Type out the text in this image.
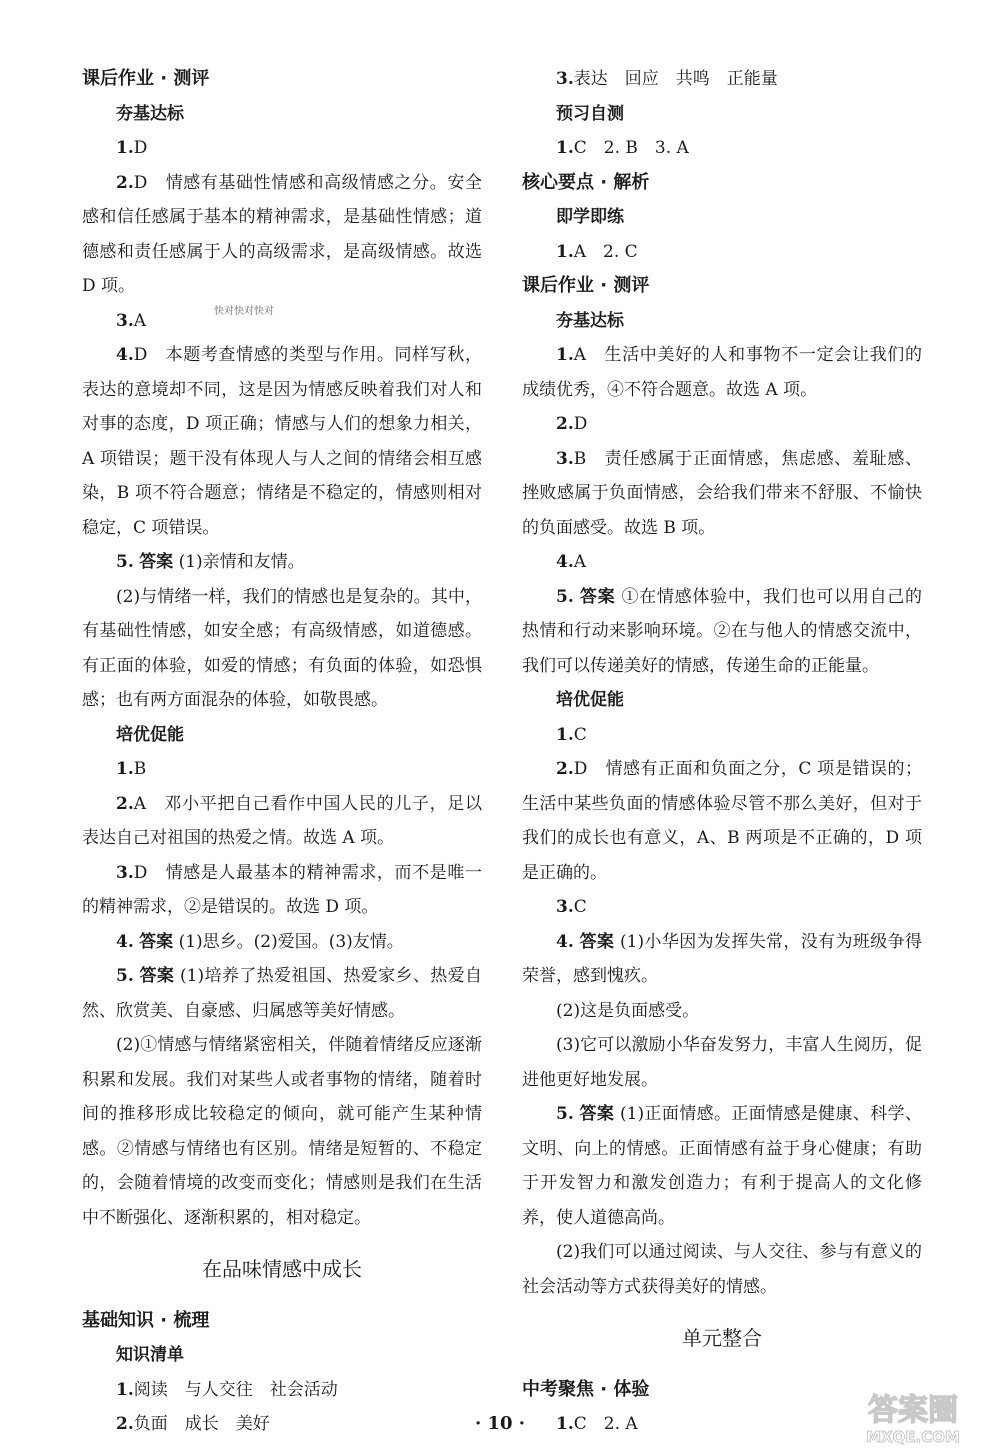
课后作业 · 测评

夯基达标

1.D

2.D　情感有基础性情感和高级情感之分。安全感和信任感属于基本的精神需求，是基础性情感；道德感和责任感属于人的高级需求，是高级情感。故选 D 项。

3.A

4.D　本题考查情感的类型与作用。同样写秋，表达的意境却不同，这是因为情感反映着我们对人和对事的态度，D 项正确；情感与人们的想象力相关，A 项错误；题干没有体现人与人之间的情绪会相互感染，B 项不符合题意；情绪是不稳定的，情感则相对稳定，C 项错误。

5. 答案 (1)亲情和友情。

(2)与情绪一样，我们的情感也是复杂的。其中，有基础性情感，如安全感；有高级情感，如道德感。有正面的体验，如爱的情感；有负面的体验，如恐惧感；也有两方面混杂的体验，如敬畏感。

培优促能

1.B

2.A　邓小平把自己看作中国人民的儿子，足以表达自己对祖国的热爱之情。故选 A 项。

3.D　情感是人最基本的精神需求，而不是唯一的精神需求，②是错误的。故选 D 项。

4. 答案 (1)思乡。(2)爱国。(3)友情。

5. 答案 (1)培养了热爱祖国、热爱家乡、热爱自然、欣赏美、自豪感、归属感等美好情感。

(2)①情感与情绪紧密相关，伴随着情绪反应逐渐积累和发展。我们对某些人或者事物的情绪，随着时间的推移形成比较稳定的倾向，就可能产生某种情感。②情感与情绪也有区别。情绪是短暂的、不稳定的，会随着情境的改变而变化；情感则是我们在生活中不断强化、逐渐积累的，相对稳定。

在品味情感中成长

基础知识 · 梳理

知识清单

1.阅读　与人交往　社会活动

2.负面　成长　美好

3.表达　回应　共鸣　正能量

预习自测

1.C　2. B　3. A

核心要点 · 解析

即学即练

1.A　2. C

课后作业 · 测评

夯基达标

1.A　生活中美好的人和事物不一定会让我们的成绩优秀，④不符合题意。故选 A 项。

2.D

3.B　责任感属于正面情感，焦虑感、羞耻感、挫败感属于负面情感，会给我们带来不舒服、不愉快的负面感受。故选 B 项。

4.A

5. 答案 ①在情感体验中，我们也可以用自己的热情和行动来影响环境。②在与他人的情感交流中，我们可以传递美好的情感，传递生命的正能量。

培优促能

1.C

2.D　情感有正面和负面之分，C 项是错误的；生活中某些负面的情感体验尽管不那么美好，但对于我们的成长也有意义，A、B 两项是不正确的，D 项是正确的。

3.C

4. 答案 (1)小华因为发挥失常，没有为班级争得荣誉，感到愧疚。

(2)这是负面感受。

(3)它可以激励小华奋发努力，丰富人生阅历，促进他更好地发展。

5. 答案 (1)正面情感。正面情感是健康、科学、文明、向上的情感。正面情感有益于身心健康；有助于开发智力和激发创造力；有利于提高人的文化修养，使人道德高尚。

(2)我们可以通过阅读、与人交往、参与有意义的社会活动等方式获得美好的情感。

单元整合

中考聚焦 · 体验

1.C　2. A

快对快对快对
· 10 ·	答案圈
MXQE.COM
